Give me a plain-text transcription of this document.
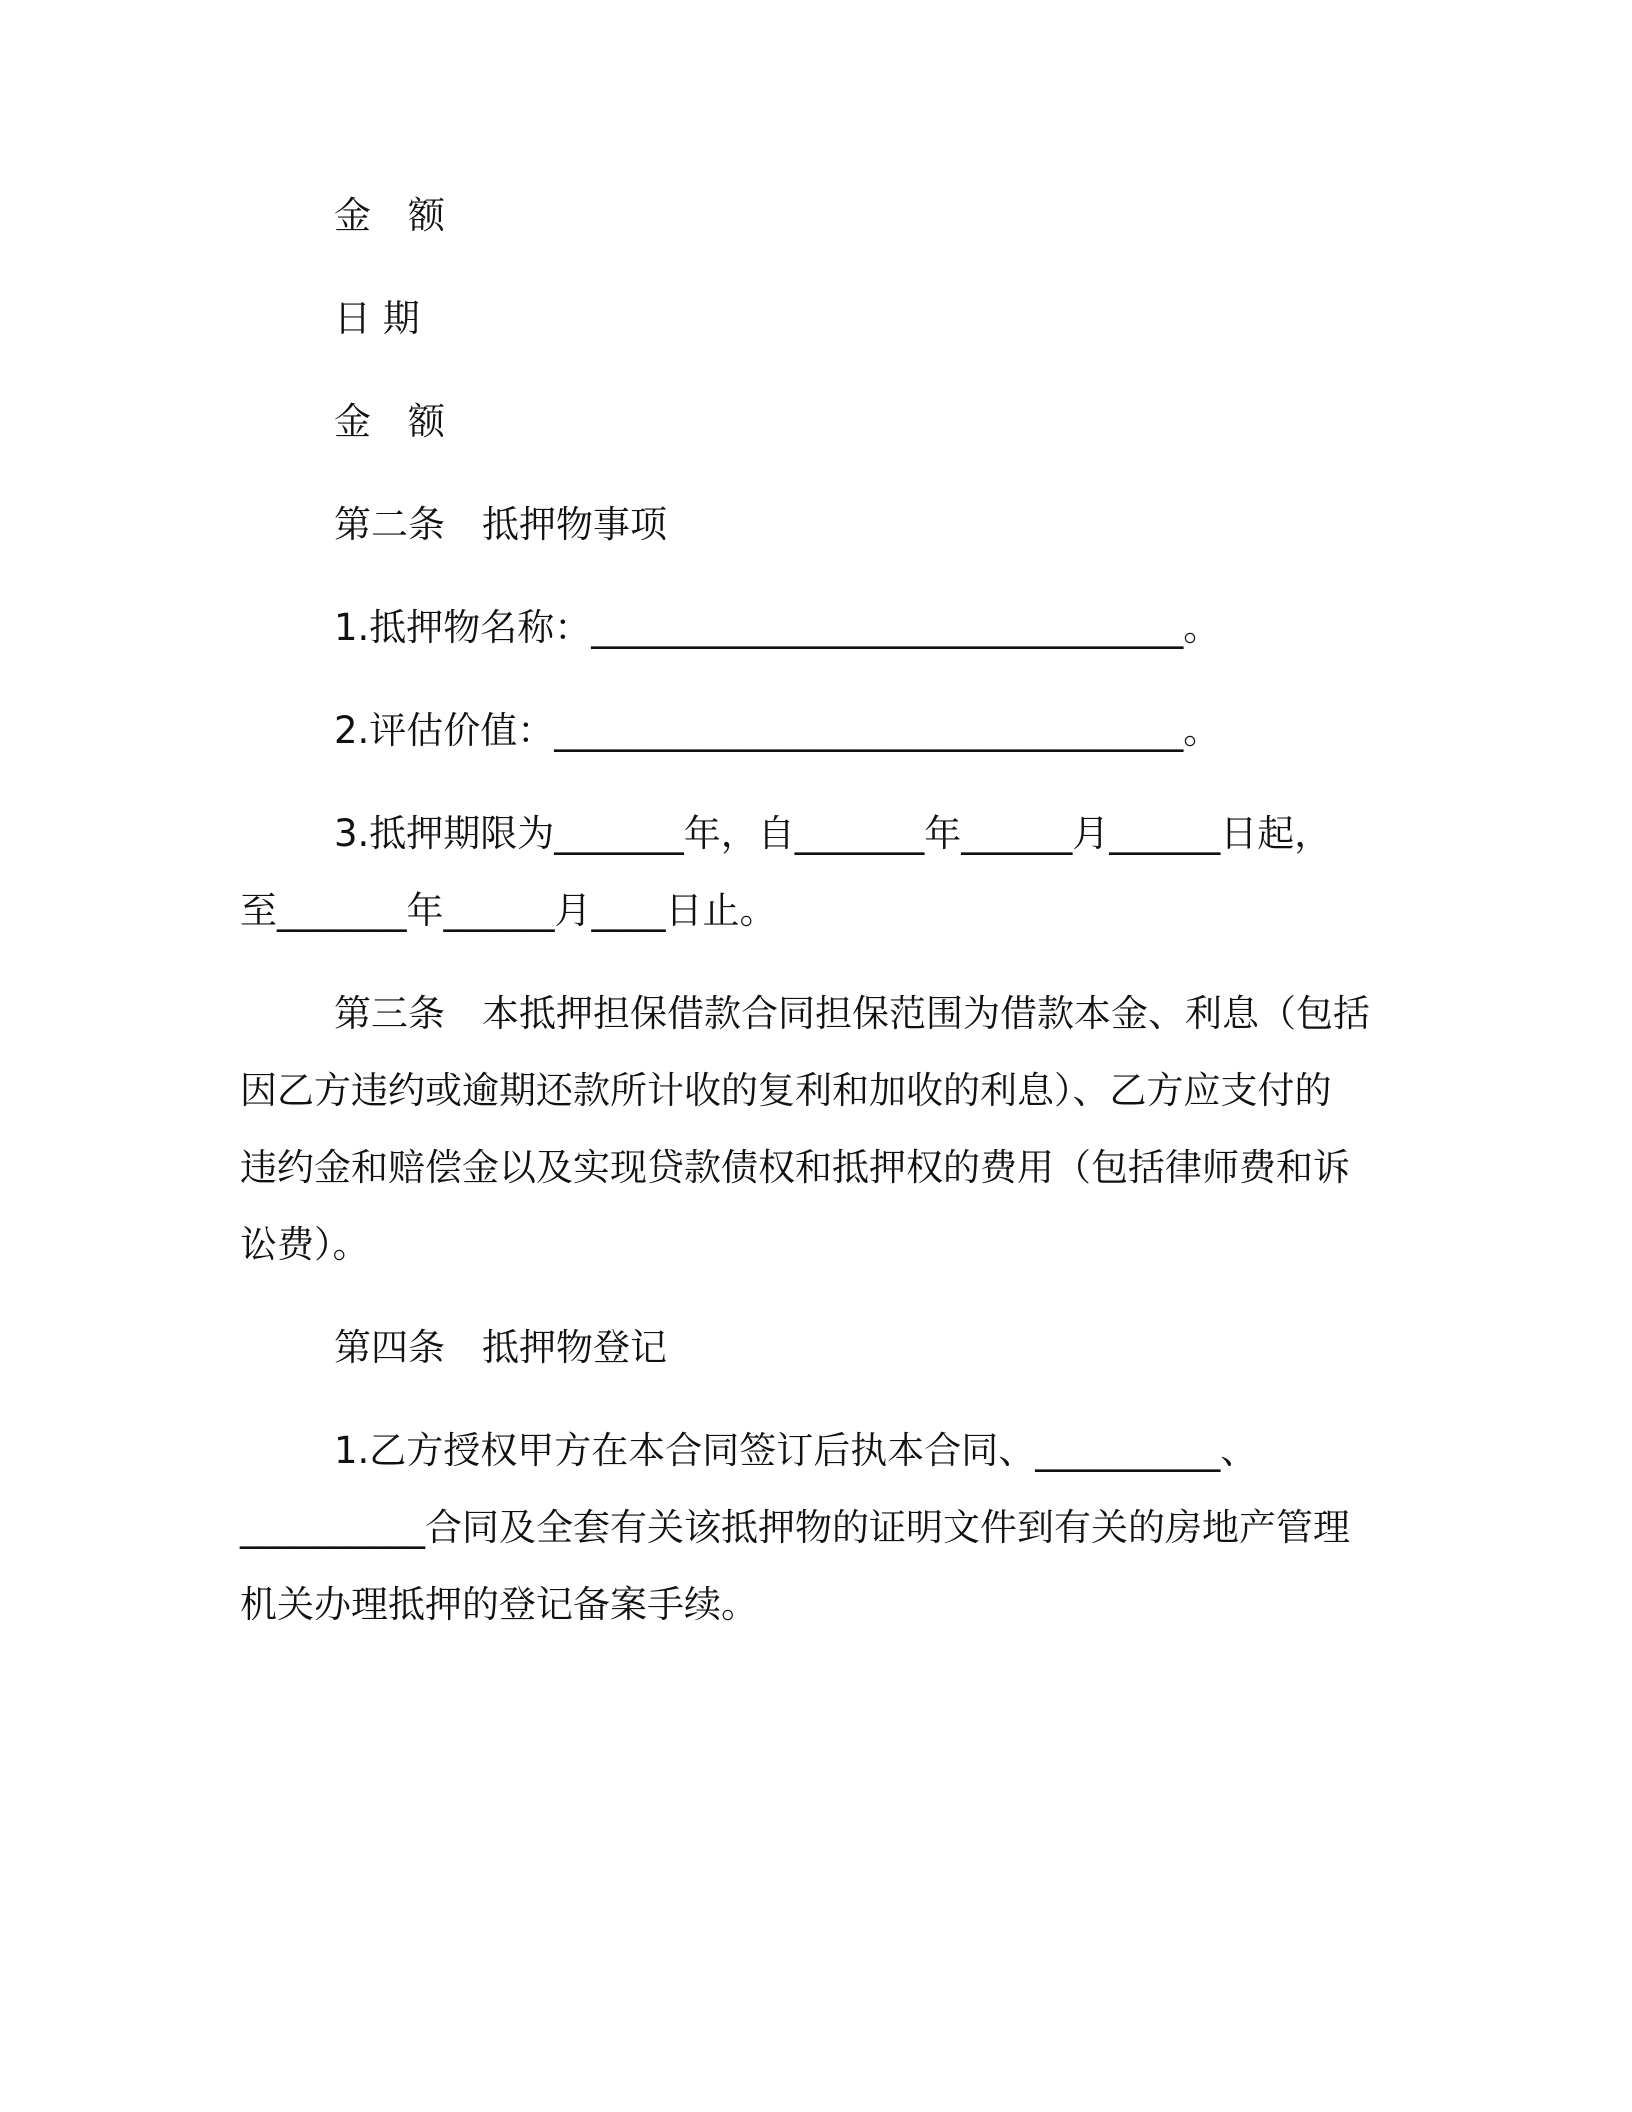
金　额
日 期
金　额
第二条　抵押物事项
1.抵押物名称：________________________________。
2.评估价值：__________________________________。
3.抵押期限为_______年，自_______年______月______日起，
至_______年______月____日止。
第三条　本抵押担保借款合同担保范围为借款本金、利息（包括
因乙方违约或逾期还款所计收的复利和加收的利息）、乙方应支付的
违约金和赔偿金以及实现贷款债权和抵押权的费用（包括律师费和诉
讼费）。
第四条　抵押物登记
1.乙方授权甲方在本合同签订后执本合同、__________、
__________合同及全套有关该抵押物的证明文件到有关的房地产管理
机关办理抵押的登记备案手续。
